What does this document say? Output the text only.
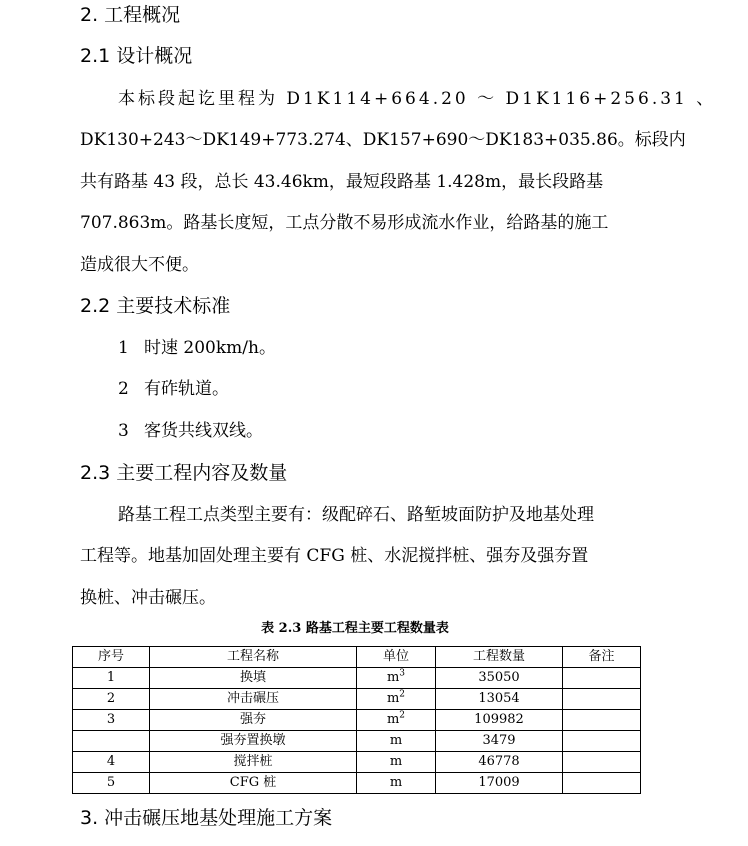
2. 工程概况
2.1 设计概况
本标段起讫里程为 D1K114+664.20 ～ D1K116+256.31 、
DK130+243～DK149+773.274、DK157+690～DK183+035.86。标段内
共有路基 43 段，总长 43.46km，最短段路基 1.428m，最长段路基
707.863m。路基长度短，工点分散不易形成流水作业，给路基的施工
造成很大不便。
2.2 主要技术标准
1 时速 200km/h。
2 有砟轨道。
3 客货共线双线。
2.3 主要工程内容及数量
路基工程工点类型主要有：级配碎石、路堑坡面防护及地基处理
工程等。地基加固处理主要有 CFG 桩、水泥搅拌桩、强夯及强夯置
换桩、冲击碾压。
表 2.3 路基工程主要工程数量表
序号	工程名称	单位	工程数量	备注
1	换填	$m^3$	35050	
2	冲击碾压	$m^2$	13054	
3	强夯	$m^2$	109982	
	强夯置换墩	m	3479	
4	搅拌桩	m	46778	
5	CFG 桩	m	17009	
3. 冲击碾压地基处理施工方案
